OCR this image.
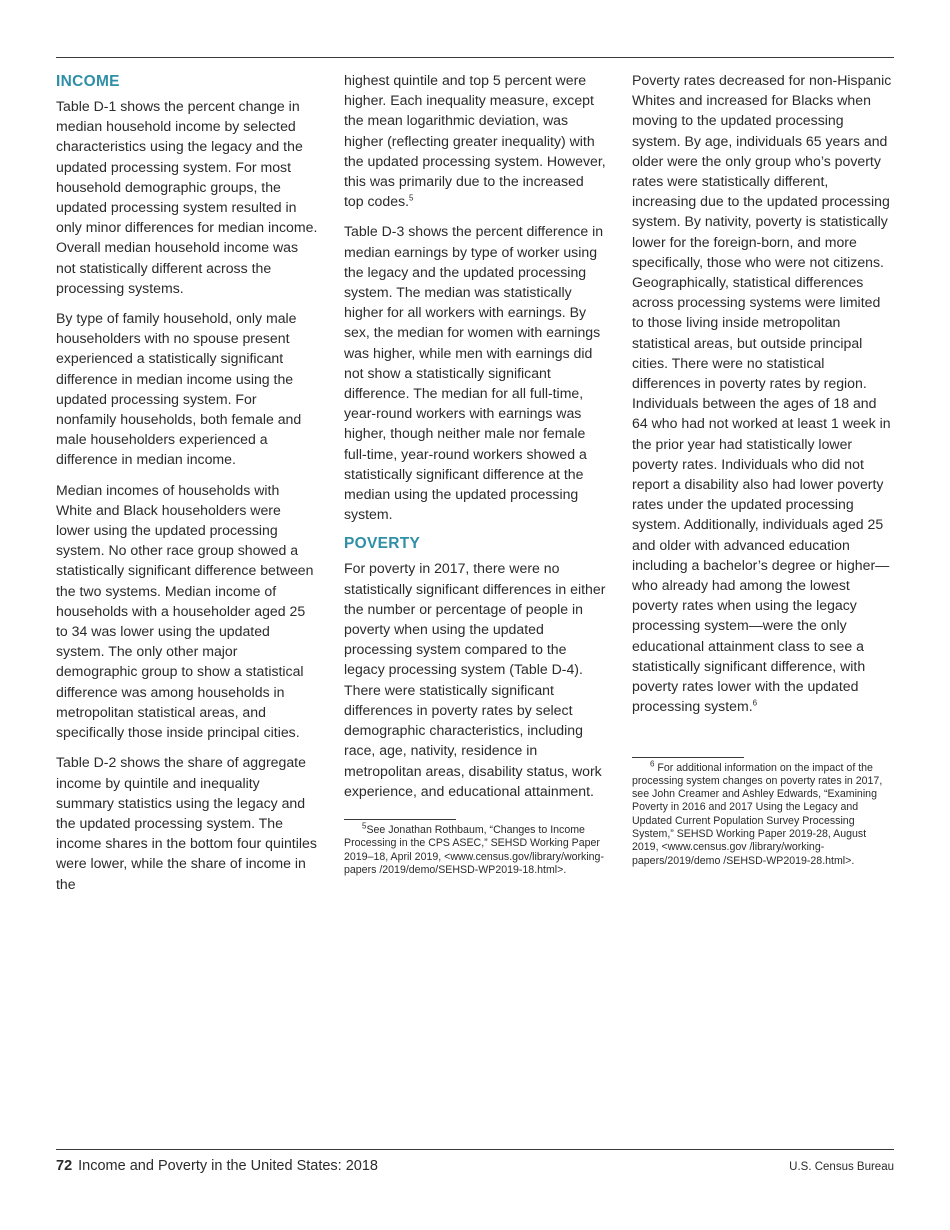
INCOME

Table D-1 shows the percent change in median household income by selected characteristics using the legacy and the updated processing system. For most household demographic groups, the updated processing system resulted in only minor differences for median income. Overall median household income was not statistically different across the processing systems.

By type of family household, only male householders with no spouse present experienced a statistically significant difference in median income using the updated processing system. For nonfamily households, both female and male householders experienced a difference in median income.

Median incomes of households with White and Black householders were lower using the updated processing system. No other race group showed a statistically significant difference between the two systems. Median income of households with a householder aged 25 to 34 was lower using the updated system. The only other major demographic group to show a statistical difference was among households in metropolitan statistical areas, and specifically those inside principal cities.

Table D-2 shows the share of aggregate income by quintile and inequality summary statistics using the legacy and the updated processing system. The income shares in the bottom four quintiles were lower, while the share of income in the

highest quintile and top 5 percent were higher. Each inequality measure, except the mean logarithmic deviation, was higher (reflecting greater inequality) with the updated processing system. However, this was primarily due to the increased top codes.$^5$

Table D-3 shows the percent difference in median earnings by type of worker using the legacy and the updated processing system. The median was statistically higher for all workers with earnings. By sex, the median for women with earnings was higher, while men with earnings did not show a statistically significant difference. The median for all full-time, year-round workers with earnings was higher, though neither male nor female full-time, year-round workers showed a statistically significant difference at the median using the updated processing system.

POVERTY

For poverty in 2017, there were no statistically significant differences in either the number or percentage of people in poverty when using the updated processing system compared to the legacy processing system (Table D-4). There were statistically significant differences in poverty rates by select demographic characteristics, including race, age, nativity, residence in metropolitan areas, disability status, work experience, and educational attainment.

$^5$See Jonathan Rothbaum, “Changes to Income Processing in the CPS ASEC,” SEHSD Working Paper 2019–18, April 2019, <www.census.gov/library/working-papers /2019/demo/SEHSD-WP2019-18.html>.

Poverty rates decreased for non-Hispanic Whites and increased for Blacks when moving to the updated processing system. By age, individuals 65 years and older were the only group who’s poverty rates were statistically different, increasing due to the updated processing system. By nativity, poverty is statistically lower for the foreign-born, and more specifically, those who were not citizens. Geographically, statistical differences across processing systems were limited to those living inside metropolitan statistical areas, but outside principal cities. There were no statistical differences in poverty rates by region. Individuals between the ages of 18 and 64 who had not worked at least 1 week in the prior year had statistically lower poverty rates. Individuals who did not report a disability also had lower poverty rates under the updated processing system. Additionally, individuals aged 25 and older with advanced education including a bachelor’s degree or higher—who already had among the lowest poverty rates when using the legacy processing system—were the only educational attainment class to see a statistically significant difference, with poverty rates lower with the updated processing system.$^6$

$^6$ For additional information on the impact of the processing system changes on poverty rates in 2017, see John Creamer and Ashley Edwards, “Examining Poverty in 2016 and 2017 Using the Legacy and Updated Current Population Survey Processing System,” SEHSD Working Paper 2019-28, August 2019, <www.census.gov /library/working-papers/2019/demo /SEHSD-WP2019-28.html>.

72 Income and Poverty in the United States: 2018	U.S. Census Bureau
